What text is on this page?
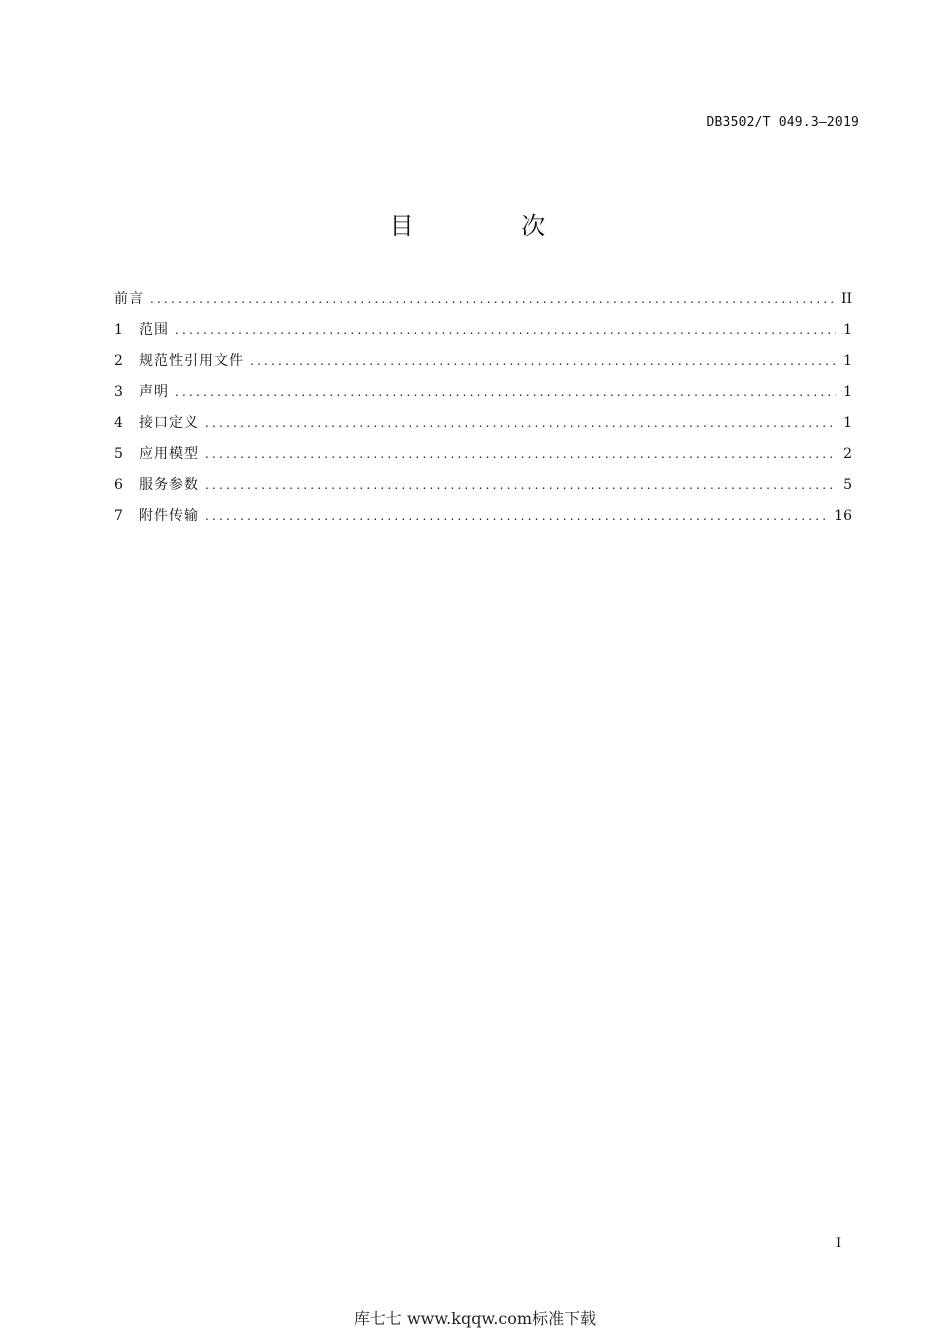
DB3502/T 049.3—2019
目 次
前言 .....	II
1	范围 .....	1
2	规范性引用文件 .....	1
3	声明 .....	1
4	接口定义 .....	1
5	应用模型 .....	2
6	服务参数 .....	5
7	附件传输 .....	16
I
库七七 www.kqqw.com标准下载
